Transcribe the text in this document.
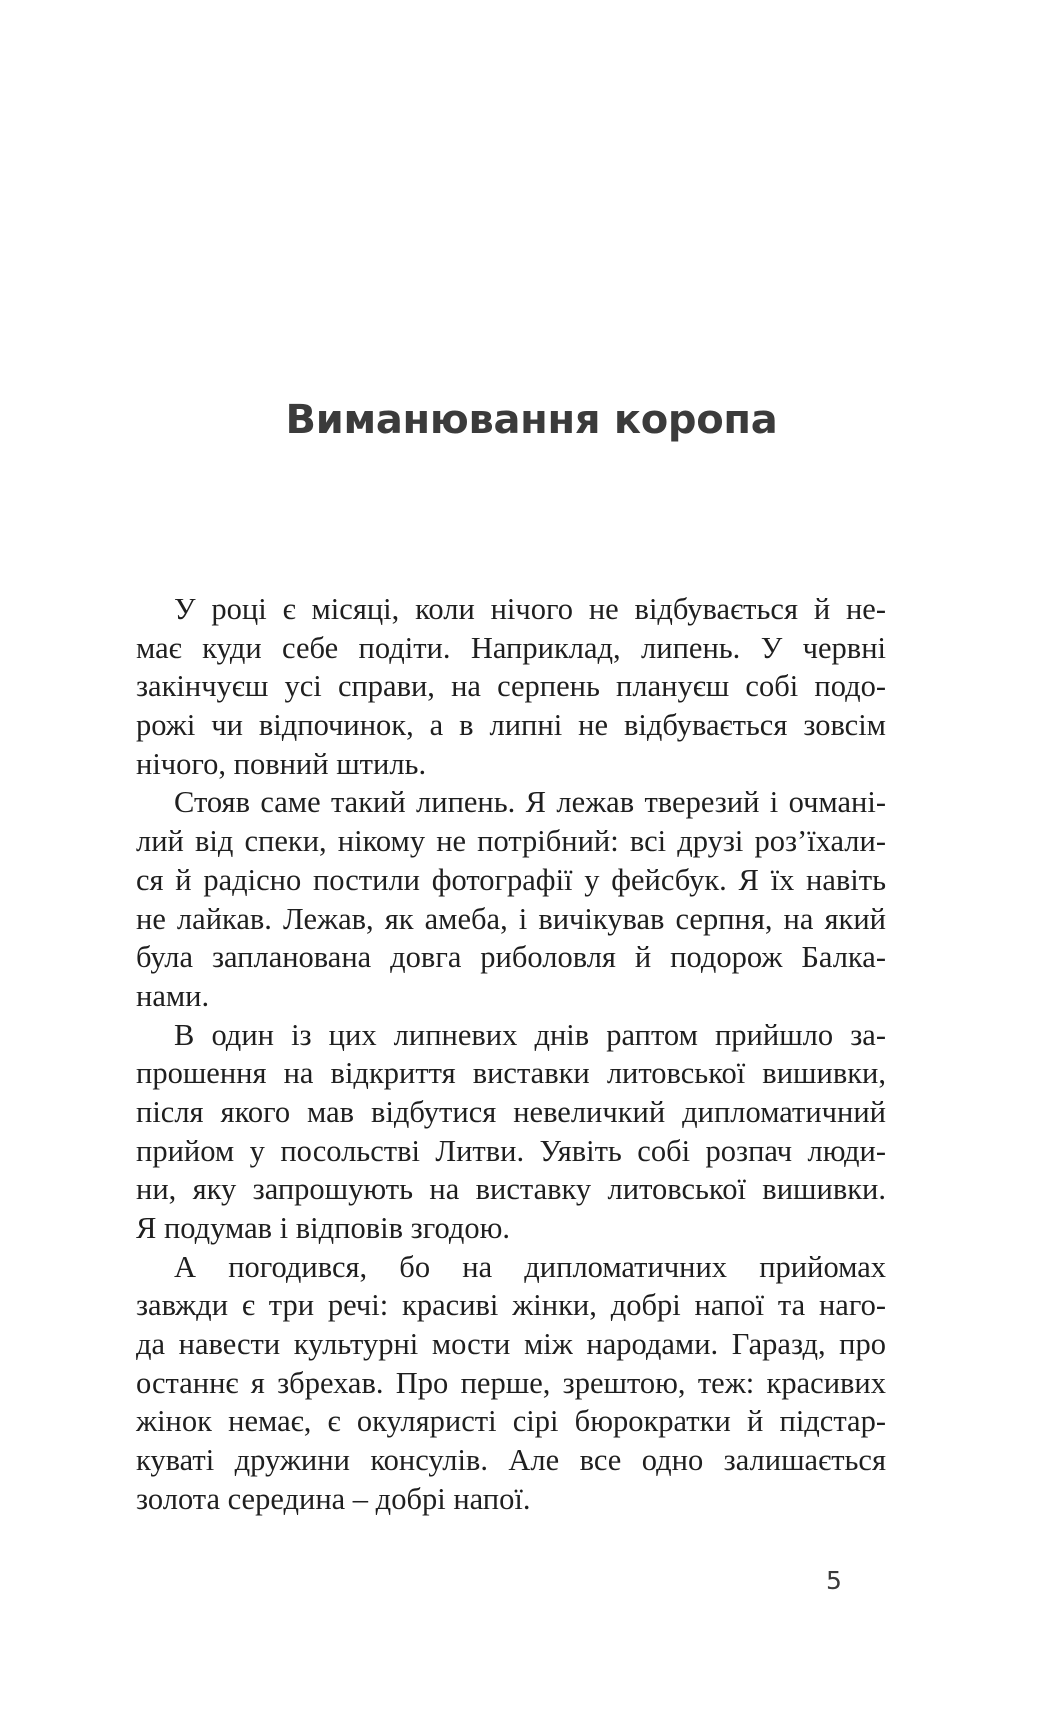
Виманювання коропа
У році є місяці, коли нічого не відбувається й не-
має куди себе подіти. Наприклад, липень. У червні
закінчуєш усі справи, на серпень плануєш собі подо-
рожі чи відпочинок, а в липні не відбувається зовсім
нічого, повний штиль.
Стояв саме такий липень. Я лежав тверезий і очмані-
лий від спеки, нікому не потрібний: всі друзі роз’їхали-
ся й радісно постили фотографії у фейсбук. Я їх навіть
не лайкав. Лежав, як амеба, і вичікував серпня, на який
була запланована довга риболовля й подорож Балка-
нами.
В один із цих липневих днів раптом прийшло за-
прошення на відкриття виставки литовської вишивки,
після якого мав відбутися невеличкий дипломатичний
прийом у посольстві Литви. Уявіть собі розпач люди-
ни, яку запрошують на виставку литовської вишивки.
Я подумав і відповів згодою.
А погодився, бо на дипломатичних прийомах
завжди є три речі: красиві жінки, добрі напої та наго-
да навести культурні мости між народами. Гаразд, про
останнє я збрехав. Про перше, зрештою, теж: красивих
жінок немає, є окуляристі сірі бюрократки й підстар-
куваті дружини консулів. Але все одно залишається
золота середина – добрі напої.

5
